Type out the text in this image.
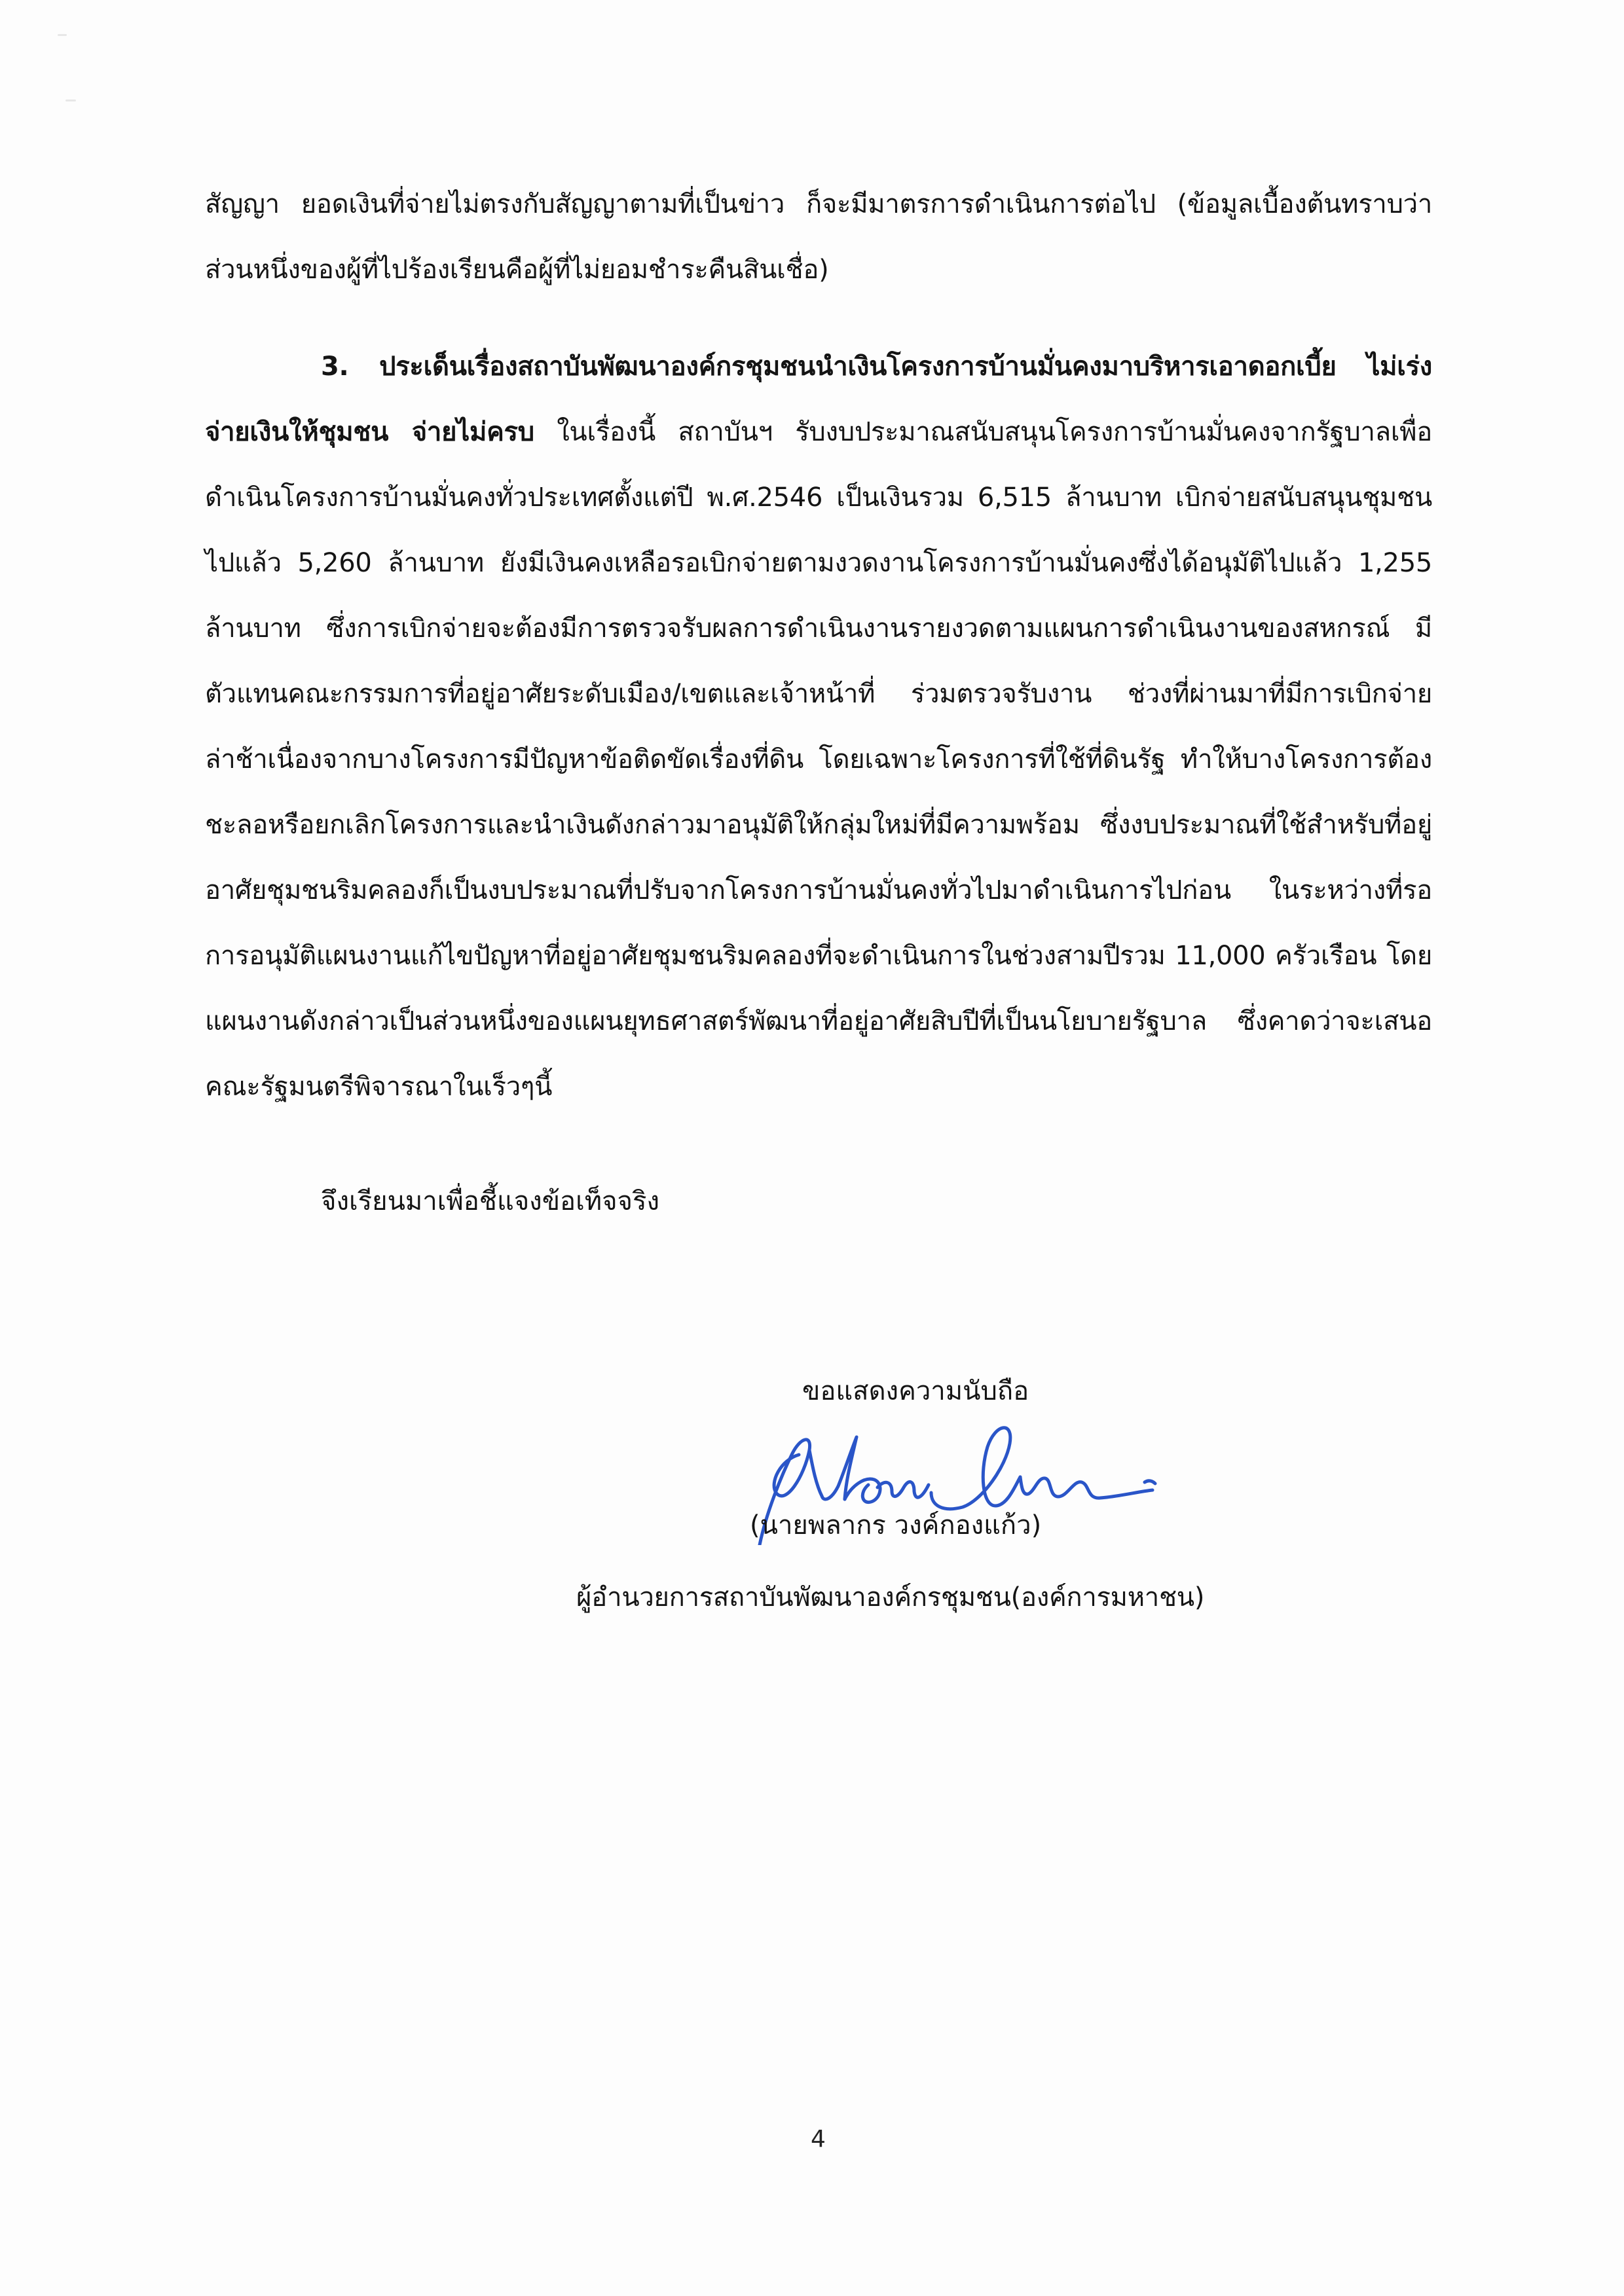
สัญญา ยอดเงินที่จ่ายไม่ตรงกับสัญญาตามที่เป็นข่าว ก็จะมีมาตรการดำเนินการต่อไป (ข้อมูลเบื้องต้นทราบว่าส่วนหนึ่งของผู้ที่ไปร้องเรียนคือผู้ที่ไม่ยอมชำระคืนสินเชื่อ)

3. ประเด็นเรื่องสถาบันพัฒนาองค์กรชุมชนนำเงินโครงการบ้านมั่นคงมาบริหารเอาดอกเบี้ย ไม่เร่งจ่ายเงินให้ชุมชน จ่ายไม่ครบ ในเรื่องนี้ สถาบันฯ รับงบประมาณสนับสนุนโครงการบ้านมั่นคงจากรัฐบาลเพื่อดำเนินโครงการบ้านมั่นคงทั่วประเทศตั้งแต่ปี พ.ศ.2546 เป็นเงินรวม 6,515 ล้านบาท เบิกจ่ายสนับสนุนชุมชนไปแล้ว 5,260 ล้านบาท ยังมีเงินคงเหลือรอเบิกจ่ายตามงวดงานโครงการบ้านมั่นคงซึ่งได้อนุมัติไปแล้ว 1,255 ล้านบาท ซึ่งการเบิกจ่ายจะต้องมีการตรวจรับผลการดำเนินงานรายงวดตามแผนการดำเนินงานของสหกรณ์ มีตัวแทนคณะกรรมการที่อยู่อาศัยระดับเมือง/เขตและเจ้าหน้าที่ ร่วมตรวจรับงาน ช่วงที่ผ่านมาที่มีการเบิกจ่ายล่าช้าเนื่องจากบางโครงการมีปัญหาข้อติดขัดเรื่องที่ดิน โดยเฉพาะโครงการที่ใช้ที่ดินรัฐ ทำให้บางโครงการต้องชะลอหรือยกเลิกโครงการและนำเงินดังกล่าวมาอนุมัติให้กลุ่มใหม่ที่มีความพร้อม ซึ่งงบประมาณที่ใช้สำหรับที่อยู่อาศัยชุมชนริมคลองก็เป็นงบประมาณที่ปรับจากโครงการบ้านมั่นคงทั่วไปมาดำเนินการไปก่อน ในระหว่างที่รอการอนุมัติแผนงานแก้ไขปัญหาที่อยู่อาศัยชุมชนริมคลองที่จะดำเนินการในช่วงสามปีรวม 11,000 ครัวเรือน โดยแผนงานดังกล่าวเป็นส่วนหนึ่งของแผนยุทธศาสตร์พัฒนาที่อยู่อาศัยสิบปีที่เป็นนโยบายรัฐบาล ซึ่งคาดว่าจะเสนอคณะรัฐมนตรีพิจารณาในเร็วๆนี้

จึงเรียนมาเพื่อชี้แจงข้อเท็จจริง
ขอแสดงความนับถือ
(นายพลากร วงค์กองแก้ว)
ผู้อำนวยการสถาบันพัฒนาองค์กรชุมชน(องค์การมหาชน)
4
